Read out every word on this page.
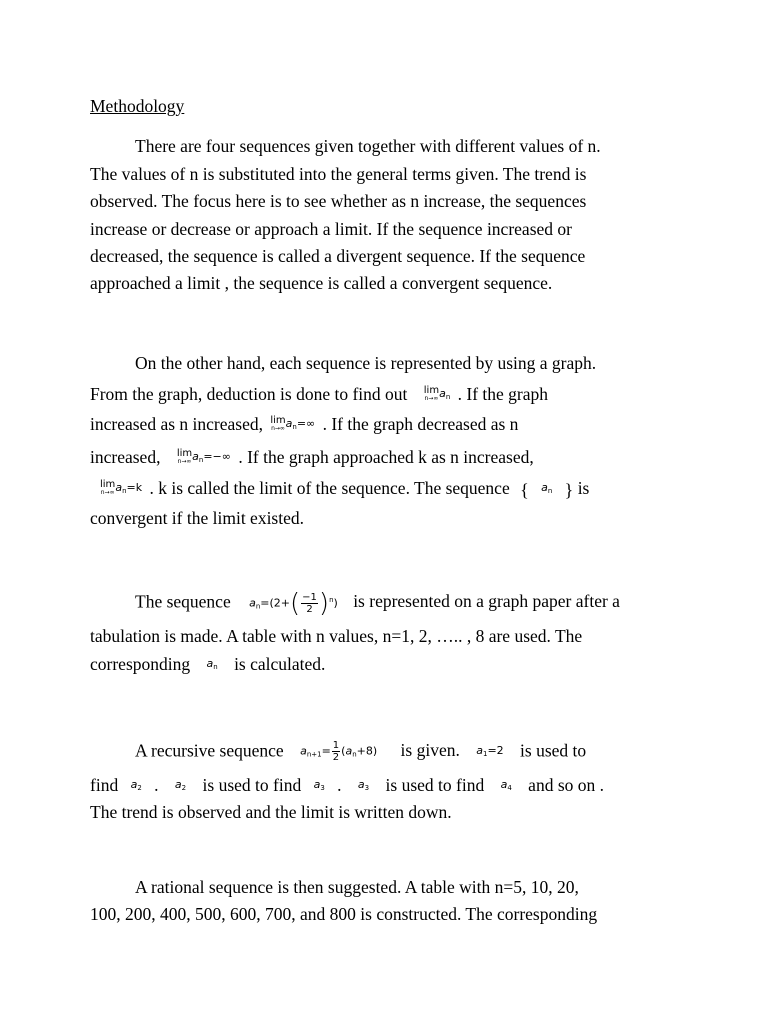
Methodology
There are four sequences given together with different values of n.
The values of n is substituted into the general terms given. The trend is
observed. The focus here is to see whether as n increase, the sequences
increase or decrease or approach a limit. If the sequence increased or
decreased, the sequence is called a divergent sequence. If the sequence
approached a limit , the sequence is called a convergent sequence.
On the other hand, each sequence is represented by using a graph.
From the graph, deduction is done to find out lim
n→∞ $a_n$ . If the graph
increased as n increased, lim
n→∞ $a_n=\infty$ . If the graph decreased as n
increased, lim
n→∞ $a_n=-\infty$ . If the graph approached k as n increased,
lim
n→∞ $a_n=k$ . k is called the limit of the sequence. The sequence { $a_n$ } is
convergent if the limit existed.
The sequence $a_n=(2+( \frac{-1}{2} )^n)$ is represented on a graph paper after a
tabulation is made. A table with n values, n=1, 2, ….. , 8 are used. The
corresponding $a_n$ is calculated.
A recursive sequence $a_{n+1}= \frac{1}{2} (a_n+8)$ is given. $a_1=2$ is used to
find $a_2$ . $a_2$ is used to find $a_3$ . $a_3$ is used to find $a_4$ and so on .
The trend is observed and the limit is written down.
A rational sequence is then suggested. A table with n=5, 10, 20,
100, 200, 400, 500, 600, 700, and 800 is constructed. The corresponding
